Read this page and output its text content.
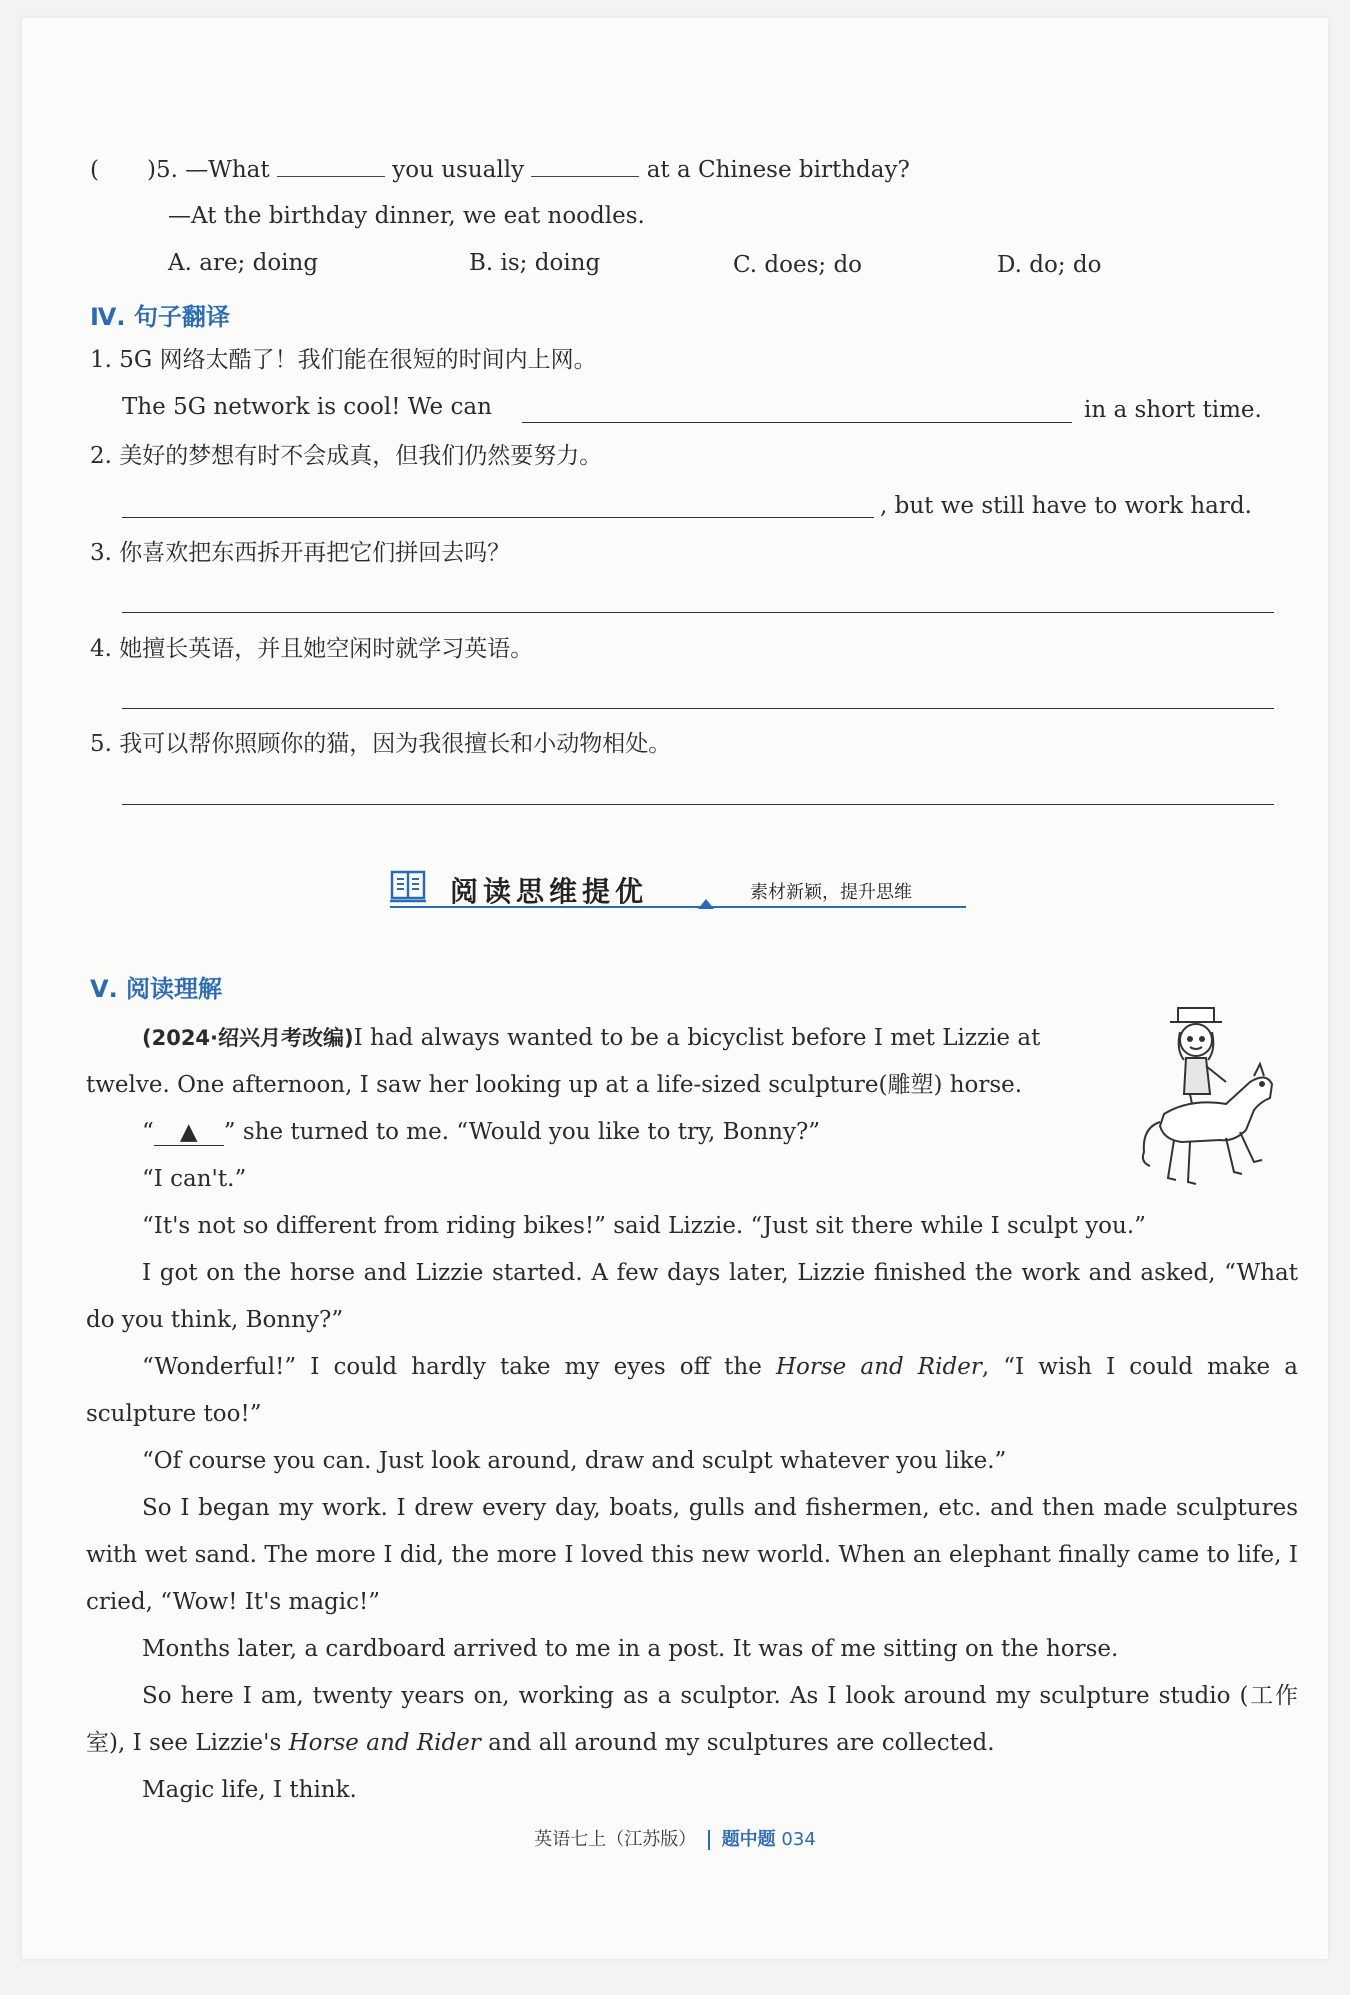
( )5. —What	you usually	at a Chinese birthday?
—At the birthday dinner, we eat noodles.
A. are; doing	B. is; doing	C. does; do	D. do; do
Ⅳ. 句子翻译
1. 5G 网络太酷了！我们能在很短的时间内上网。
The 5G network is cool! We can	in a short time.
2. 美好的梦想有时不会成真，但我们仍然要努力。
, but we still have to work hard.
3. 你喜欢把东西拆开再把它们拼回去吗？
4. 她擅长英语，并且她空闲时就学习英语。
5. 我可以帮你照顾你的猫，因为我很擅长和小动物相处。
阅读思维提优	素材新颖，提升思维
Ⅴ. 阅读理解

(2024·绍兴月考改编)I had always wanted to be a bicyclist before I met Lizzie at

twelve. One afternoon, I saw her looking up at a life-sized sculpture(雕塑) horse.

“ ▲ ” she turned to me. “Would you like to try, Bonny?”

“I can't.”

“It's not so different from riding bikes!” said Lizzie. “Just sit there while I sculpt you.”

I got on the horse and Lizzie started. A few days later, Lizzie finished the work and asked, “What do you think, Bonny?”

“Wonderful!” I could hardly take my eyes off the Horse and Rider, “I wish I could make a sculpture too!”

“Of course you can. Just look around, draw and sculpt whatever you like.”

So I began my work. I drew every day, boats, gulls and fishermen, etc. and then made sculptures with wet sand. The more I did, the more I loved this new world. When an elephant finally came to life, I cried, “Wow! It's magic!”

Months later, a cardboard arrived to me in a post. It was of me sitting on the horse.

So here I am, twenty years on, working as a sculptor. As I look around my sculpture studio (工作室), I see Lizzie's Horse and Rider and all around my sculptures are collected.

Magic life, I think.

英语七上（江苏版） 题中题 034
